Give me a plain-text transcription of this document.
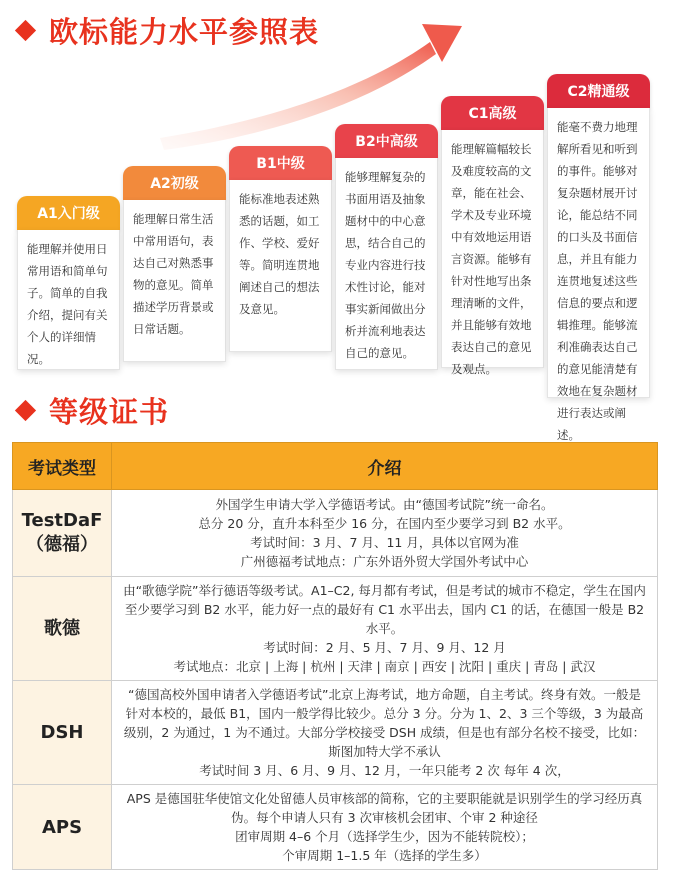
欧标能力水平参照表
A1入门级
能理解并使用日常用语和简单句子。简单的自我介绍，提问有关个人的详细情况。
A2初级
能理解日常生活中常用语句，表达自己对熟悉事物的意见。简单描述学历背景或日常话题。
B1中级
能标准地表述熟悉的话题，如工作、学校、爱好等。简明连贯地阐述自己的想法及意见。
B2中高级
能够理解复杂的书面用语及抽象题材中的中心意思，结合自己的专业内容进行技术性讨论，能对事实新闻做出分析并流利地表达自己的意见。
C1高级
能理解篇幅较长及难度较高的文章，能在社会、学术及专业环境中有效地运用语言资源。能够有针对性地写出条理清晰的文件，并且能够有效地表达自己的意见及观点。
C2精通级
能毫不费力地理解所看见和听到的事件。能够对复杂题材展开讨论，能总结不同的口头及书面信息，并且有能力连贯地复述这些信息的要点和逻辑推理。能够流利准确表达自己的意见能清楚有效地在复杂题材进行表达或阐述。
等级证书
考试类型	介绍
TestDaF
（德福）	外国学生申请大学入学德语考试。由“德国考试院”统一命名。
总分 20 分，直升本科至少 16 分，在国内至少要学习到 B2 水平。
考试时间：3 月、7 月、11 月，具体以官网为准
广州德福考试地点：广东外语外贸大学国外考试中心

歌德	由“歌德学院”举行德语等级考试。A1–C2, 每月都有考试，但是考试的城市不稳定，学生在国内至少要学习到 B2 水平，能力好一点的最好有 C1 水平出去，国内 C1 的话，在德国一般是 B2 水平。
考试时间：2 月、5 月、7 月、9 月、12 月
考试地点：北京 | 上海 | 杭州 | 天津 | 南京 | 西安 | 沈阳 | 重庆 | 青岛 | 武汉

DSH	“德国高校外国申请者入学德语考试”北京上海考试，地方命题，自主考试。终身有效。一般是针对本校的，最低 B1，国内一般学得比较少。总分 3 分。分为 1、2、3 三个等级，3 为最高级别，2 为通过，1 为不通过。大部分学校接受 DSH 成绩，但是也有部分名校不接受，比如：斯图加特大学不承认
考试时间 3 月、6 月、9 月、12 月，一年只能考 2 次 每年 4 次，

APS	APS 是德国驻华使馆文化处留德人员审核部的简称，它的主要职能就是识别学生的学习经历真伪。每个申请人只有 3 次审核机会团审、个审 2 种途径
团审周期 4–6 个月（选择学生少，因为不能转院校）；
个审周期 1–1.5 年（选择的学生多）
